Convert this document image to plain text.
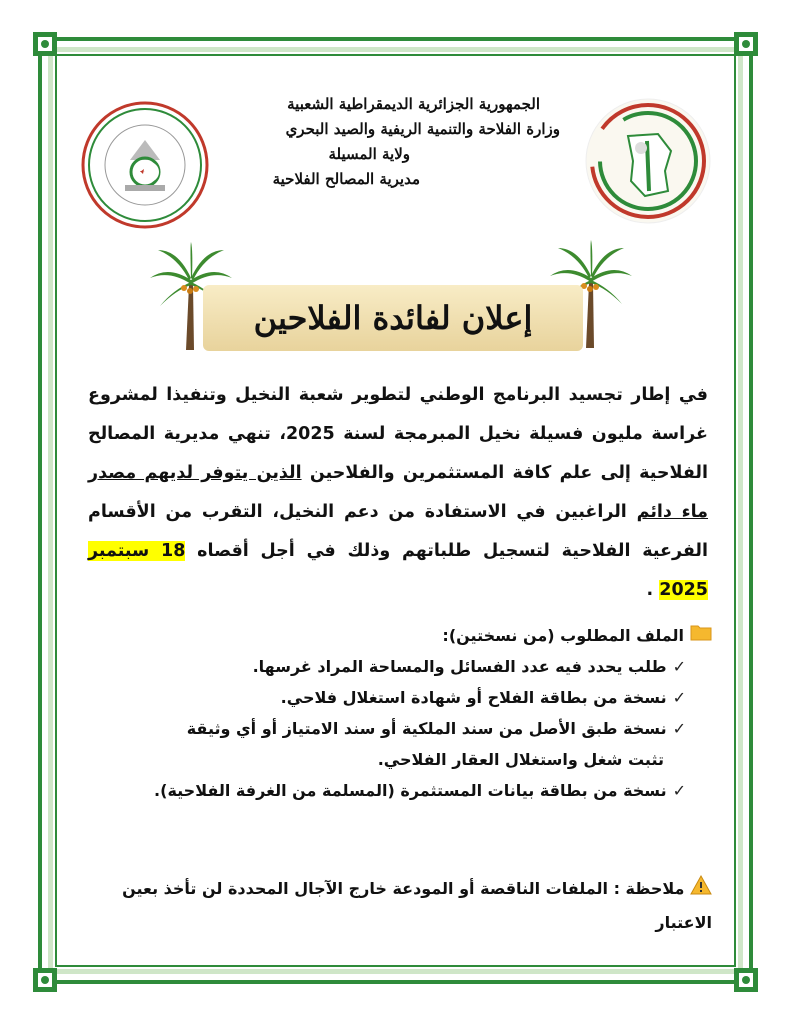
الجمهورية الجزائرية الديمقراطية الشعبية
وزارة الفلاحة والتنمية الريفية والصيد البحري
ولاية المسيلة
مديرية المصالح الفلاحية
إعلان لفائدة الفلاحين
في إطار تجسيد البرنامج الوطني لتطوير شعبة النخيل وتنفيذا لمشروع غراسة مليون فسيلة نخيل المبرمجة لسنة 2025، تنهي مديرية المصالح الفلاحية إلى علم كافة المستثمرين والفلاحين الذين يتوفر لديهم مصدر ماء دائم الراغبين في الاستفادة من دعم النخيل، التقرب من الأقسام الفرعية الفلاحية لتسجيل طلباتهم وذلك في أجل أقصاه 18 سبتمبر 2025 .
الملف المطلوب (من نسختين):
✓
طلب يحدد فيه عدد الفسائل والمساحة المراد غرسها.
✓
نسخة من بطاقة الفلاح أو شهادة استغلال فلاحي.
✓
نسخة طبق الأصل من سند الملكية أو سند الامتياز أو أي وثيقة
تثبت شغل واستغلال العقار الفلاحي.
✓
نسخة من بطاقة بيانات المستثمرة (المسلمة من الغرفة الفلاحية).
ملاحظة : الملفات الناقصة أو المودعة خارج الآجال المحددة لن تأخذ بعين الاعتبار
